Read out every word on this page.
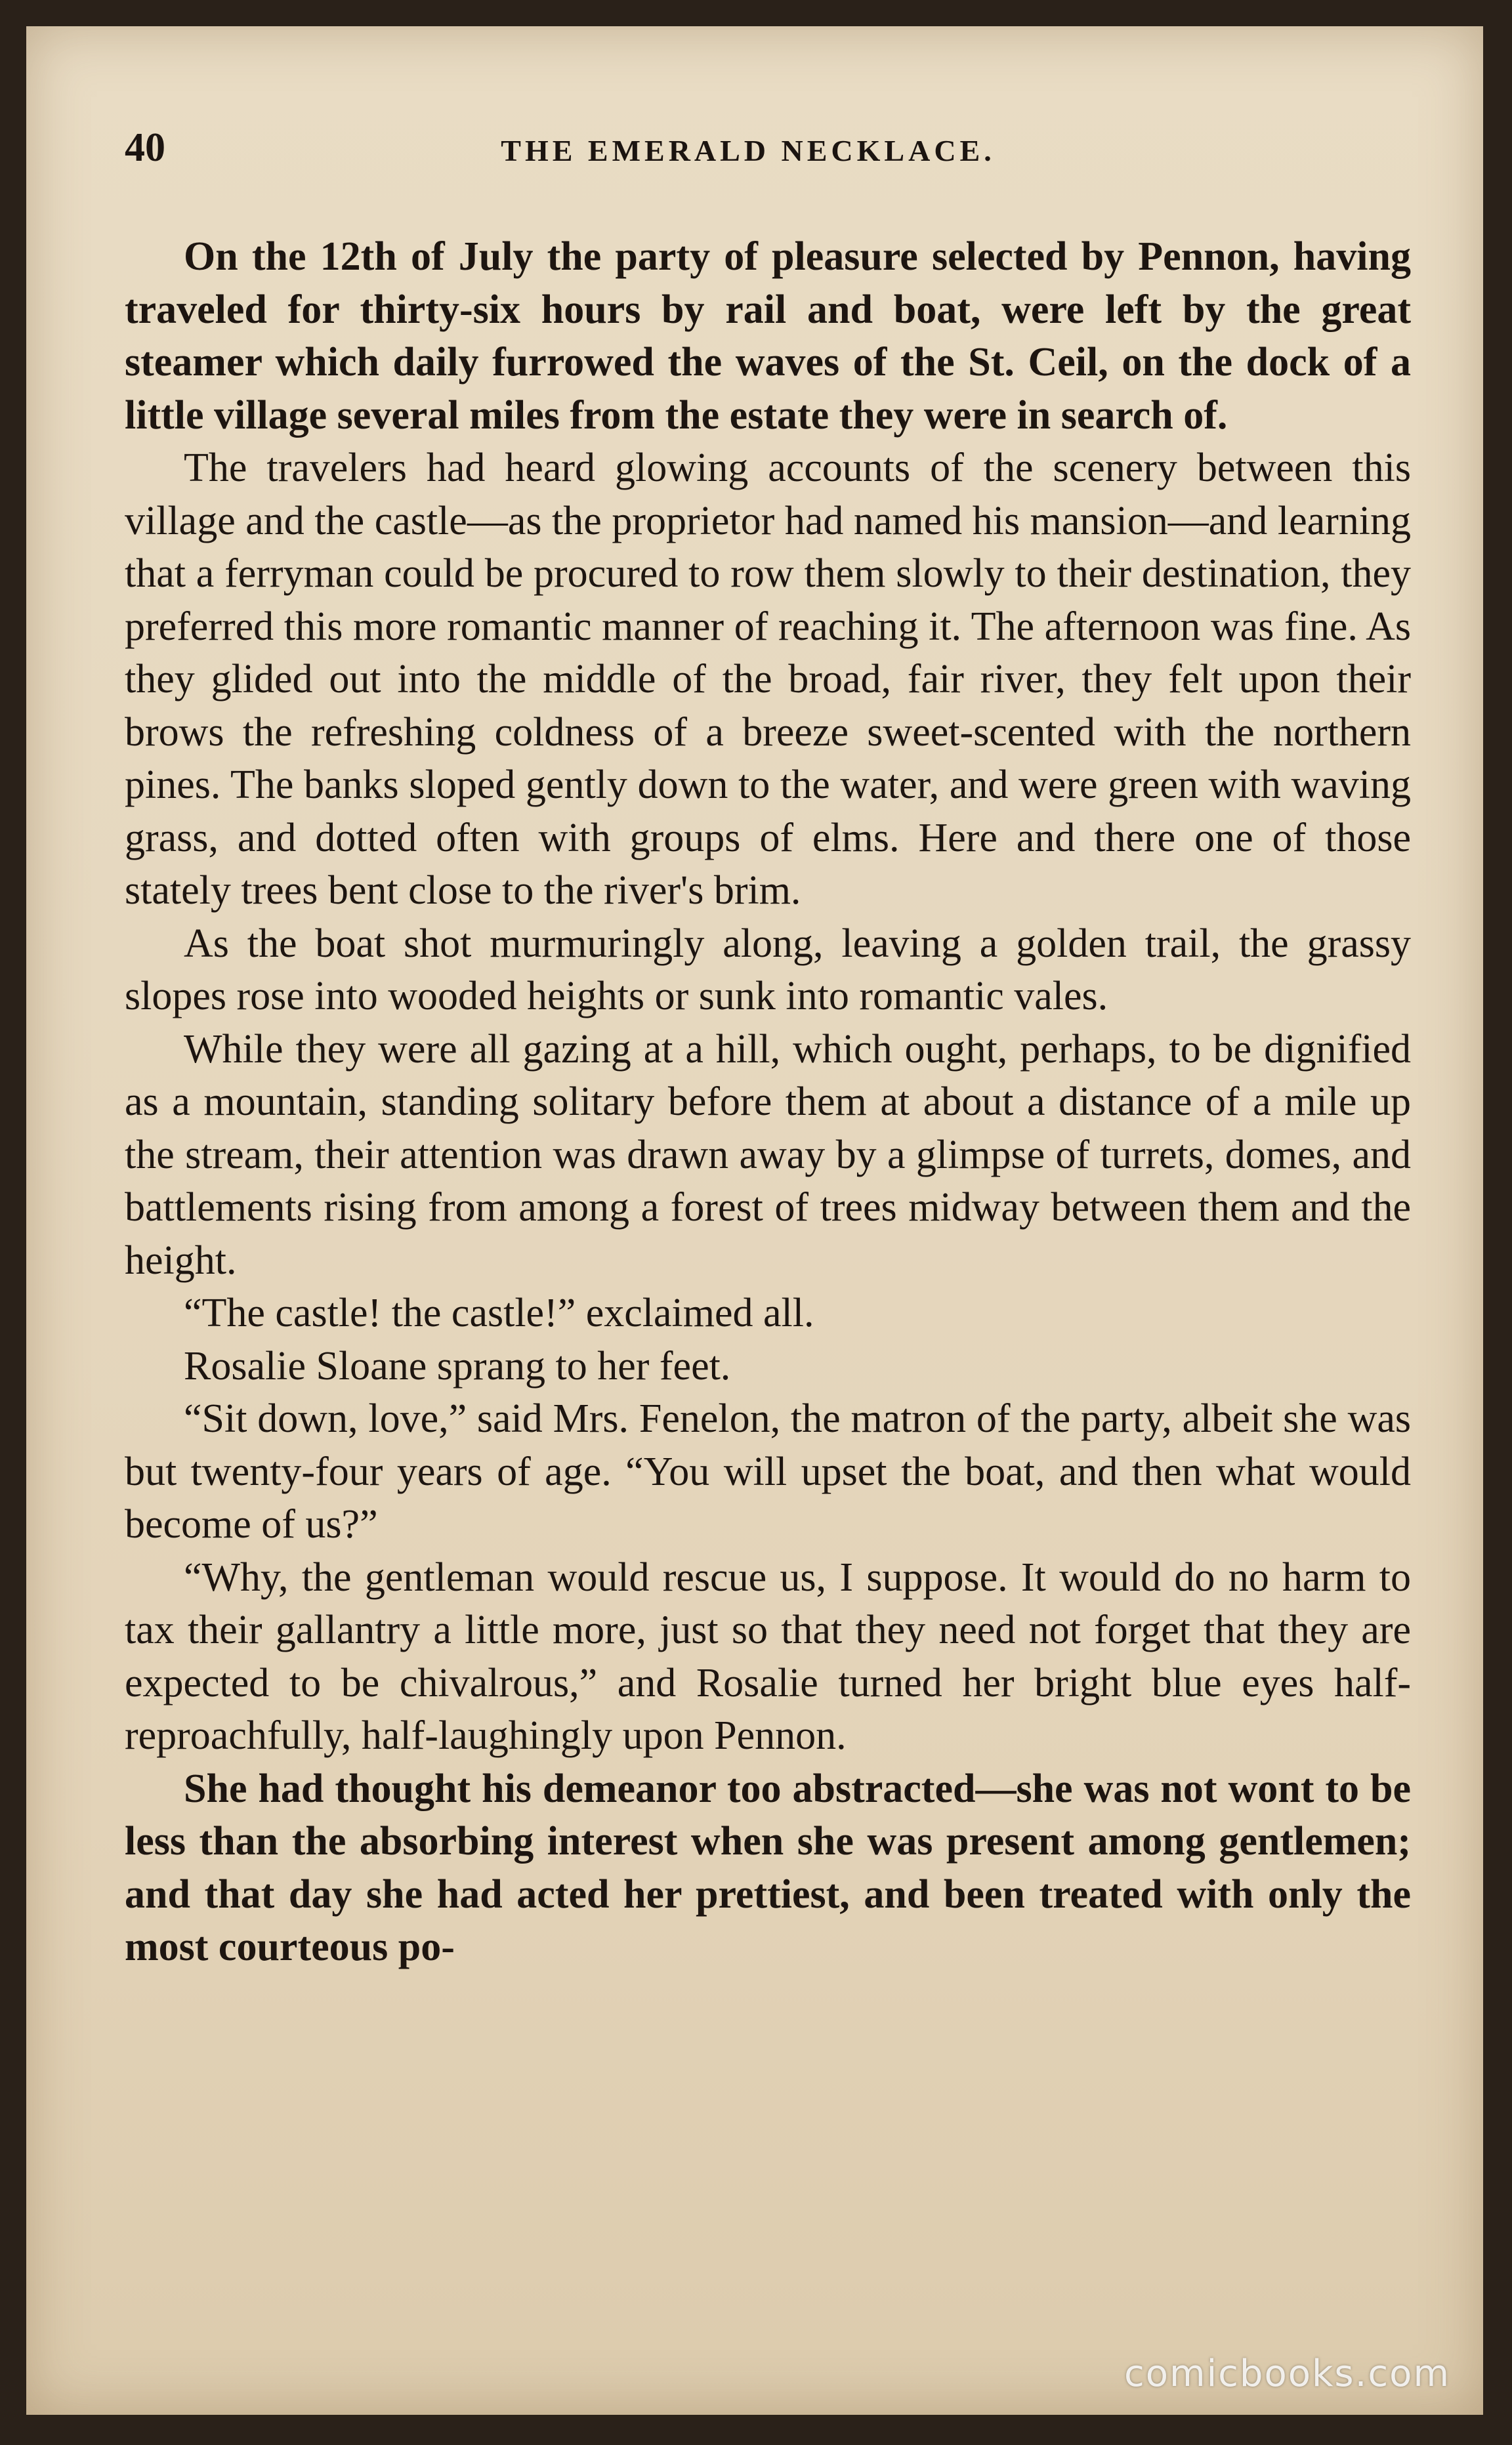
40	THE EMERALD NECKLACE.

On the 12th of July the party of pleasure selected by Pennon, having traveled for thirty-six hours by rail and boat, were left by the great steamer which daily furrowed the waves of the St. Ceil, on the dock of a little village several miles from the estate they were in search of.

The travelers had heard glowing accounts of the scenery between this village and the castle—as the proprietor had named his mansion—and learning that a ferryman could be procured to row them slowly to their destination, they preferred this more romantic manner of reaching it. The afternoon was fine. As they glided out into the middle of the broad, fair river, they felt upon their brows the refreshing coldness of a breeze sweet-scented with the northern pines. The banks sloped gently down to the water, and were green with waving grass, and dotted often with groups of elms. Here and there one of those stately trees bent close to the river's brim.

As the boat shot murmuringly along, leaving a golden trail, the grassy slopes rose into wooded heights or sunk into romantic vales.

While they were all gazing at a hill, which ought, perhaps, to be dignified as a mountain, standing solitary before them at about a distance of a mile up the stream, their attention was drawn away by a glimpse of turrets, domes, and battlements rising from among a forest of trees midway between them and the height.

“The castle! the castle!” exclaimed all.

Rosalie Sloane sprang to her feet.

“Sit down, love,” said Mrs. Fenelon, the matron of the party, albeit she was but twenty-four years of age. “You will upset the boat, and then what would become of us?”

“Why, the gentleman would rescue us, I suppose. It would do no harm to tax their gallantry a little more, just so that they need not forget that they are expected to be chivalrous,” and Rosalie turned her bright blue eyes half-reproachfully, half-laughingly upon Pennon.

She had thought his demeanor too abstracted—she was not wont to be less than the absorbing interest when she was present among gentlemen; and that day she had acted her prettiest, and been treated with only the most courteous po-

comicbooks.com
